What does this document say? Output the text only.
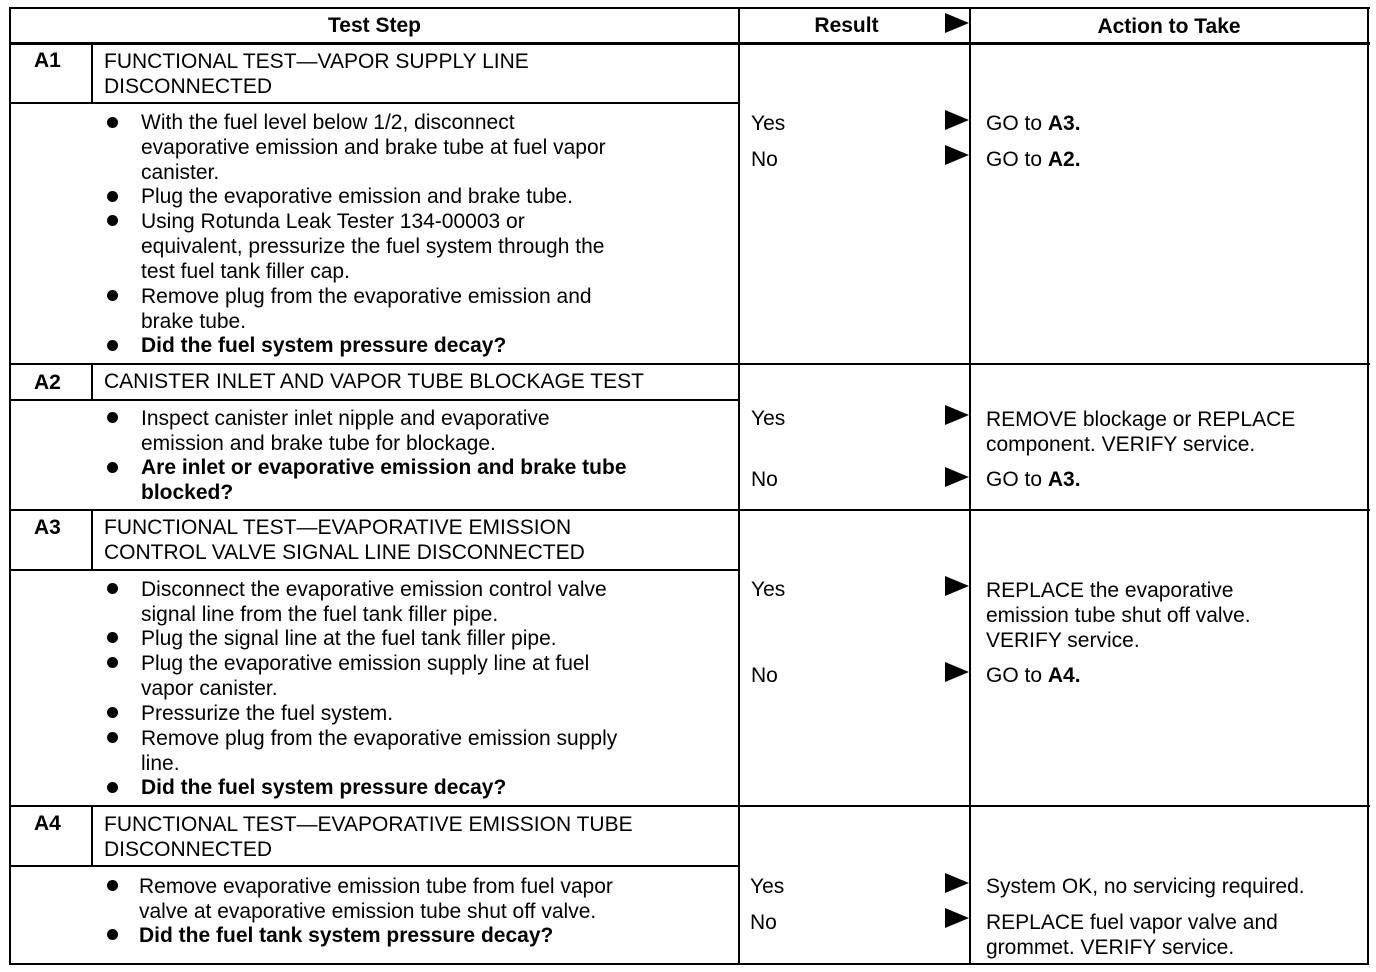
Test Step	Result	Action to Take
A1 FUNCTIONAL TEST—VAPOR SUPPLY LINE
DISCONNECTED
With the fuel level below 1/2, disconnect
evaporative emission and brake tube at fuel vapor
canister.
Plug the evaporative emission and brake tube.
Using Rotunda Leak Tester 134-00003 or
equivalent, pressurize the fuel system through the
test fuel tank filler cap.
Remove plug from the evaporative emission and
brake tube.
Did the fuel system pressure decay?
Yes	GO to A3.
No	GO to A2.
A2 CANISTER INLET AND VAPOR TUBE BLOCKAGE TEST
Inspect canister inlet nipple and evaporative
emission and brake tube for blockage.
Are inlet or evaporative emission and brake tube
blocked?
Yes	REMOVE blockage or REPLACE
component. VERIFY service.
No	GO to A3.
A3 FUNCTIONAL TEST—EVAPORATIVE EMISSION
CONTROL VALVE SIGNAL LINE DISCONNECTED
Disconnect the evaporative emission control valve
signal line from the fuel tank filler pipe.
Plug the signal line at the fuel tank filler pipe.
Plug the evaporative emission supply line at fuel
vapor canister.
Pressurize the fuel system.
Remove plug from the evaporative emission supply
line.
Did the fuel system pressure decay?
Yes	REPLACE the evaporative
emission tube shut off valve.
VERIFY service.
No	GO to A4.
A4 FUNCTIONAL TEST—EVAPORATIVE EMISSION TUBE
DISCONNECTED
Remove evaporative emission tube from fuel vapor
valve at evaporative emission tube shut off valve.
Did the fuel tank system pressure decay?
Yes	System OK, no servicing required.
No	REPLACE fuel vapor valve and
grommet. VERIFY service.
